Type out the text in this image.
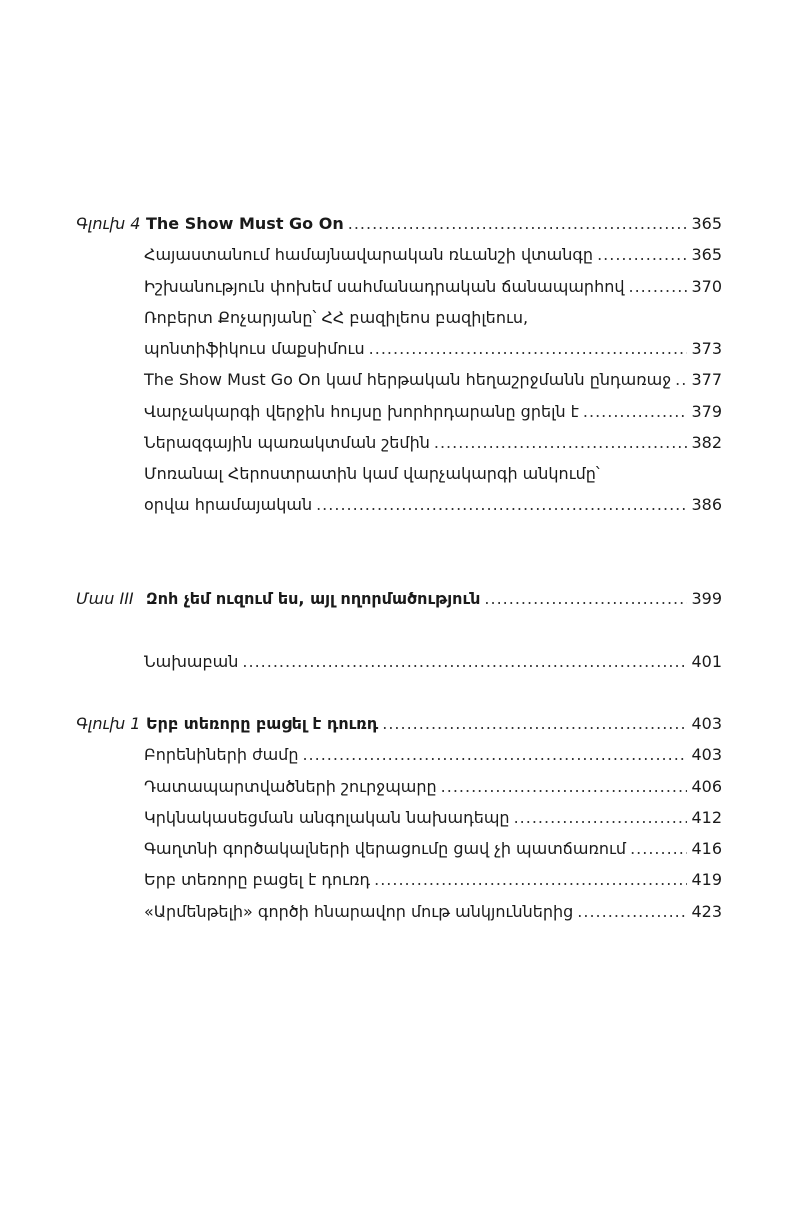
Գլուխ 4 The Show Must Go On .....	365
Հայաստանում համայնավարական ռևանշի վտանգը .....	365
Իշխանություն փոխեմ սահմանադրական ճանապարհով .....	370
Ռոբերտ Քոչարյանը՝ ՀՀ բազիլեոս բազիլեուս,
պոնտիֆիկուս մաքսիմուս .....	373
The Show Must Go On կամ հերթական հեղաշրջմանն ընդառաջ ..... 377
Վարչակարգի վերջին հույսը խորհրդարանը ցրելն է .....	379
Ներազգային պառակտման շեմին .....	382
Մոռանալ Հերոստրատին կամ վարչակարգի անկումը՝
օրվա հրամայական .....	386
Մաս III Զոհ չեմ ուզում ես, այլ ողորմածություն .....	399
Նախաբան .....	401
Գլուխ 1 Երբ տեռորը բացել է դուռդ .....	403
Բորենիների ժամը .....	403
Դատապարտվածների շուրջպարը .....	406
Կրկնակասեցման անգոլական նախադեպը .....	412
Գաղտնի գործակալների վերացումը ցավ չի պատճառում .....	416
Երբ տեռորը բացել է դուռդ .....	419
«Արմենթելի» գործի հնարավոր մութ անկյուններից .....	423
